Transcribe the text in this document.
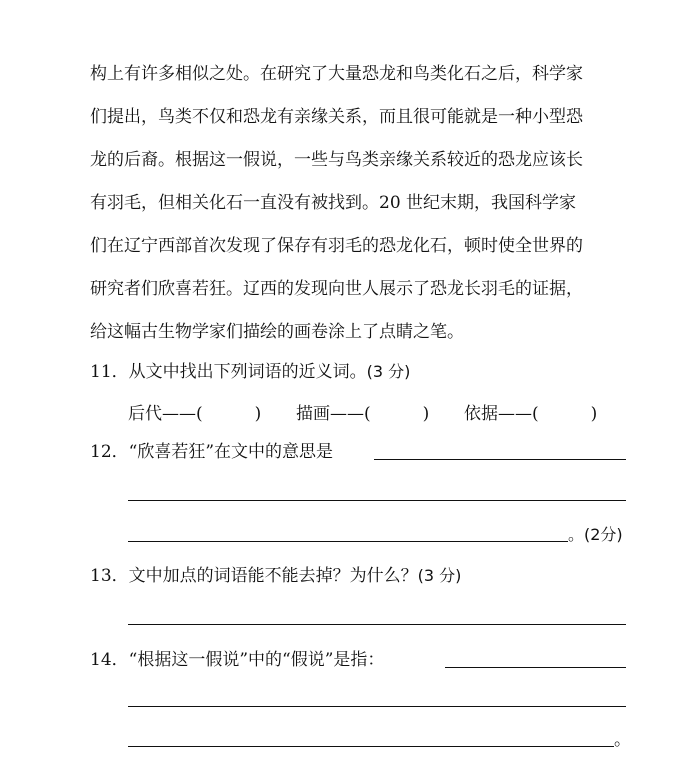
构上有许多相似之处。在研究了大量恐龙和鸟类化石之后，科学家
们提出，鸟类不仅和恐龙有亲缘关系，而且很可能就是一种小型恐
龙的后裔。根据这一假说，一些与鸟类亲缘关系较近的恐龙应该长
有羽毛，但相关化石一直没有被找到。20 世纪末期，我国科学家
们在辽宁西部首次发现了保存有羽毛的恐龙化石，顿时使全世界的
研究者们欣喜若狂。辽西的发现向世人展示了恐龙长羽毛的证据，
给这幅古生物学家们描绘的画卷涂上了点睛之笔。
11．从文中找出下列词语的近义词。(3 分)
后代——(	) 描画——(	) 依据——(	)
12．“欣喜若狂”在文中的意思是
。(2分)
13．文中加点的词语能不能去掉？为什么？(3 分)
14．“根据这一假说”中的“假说”是指：
。
